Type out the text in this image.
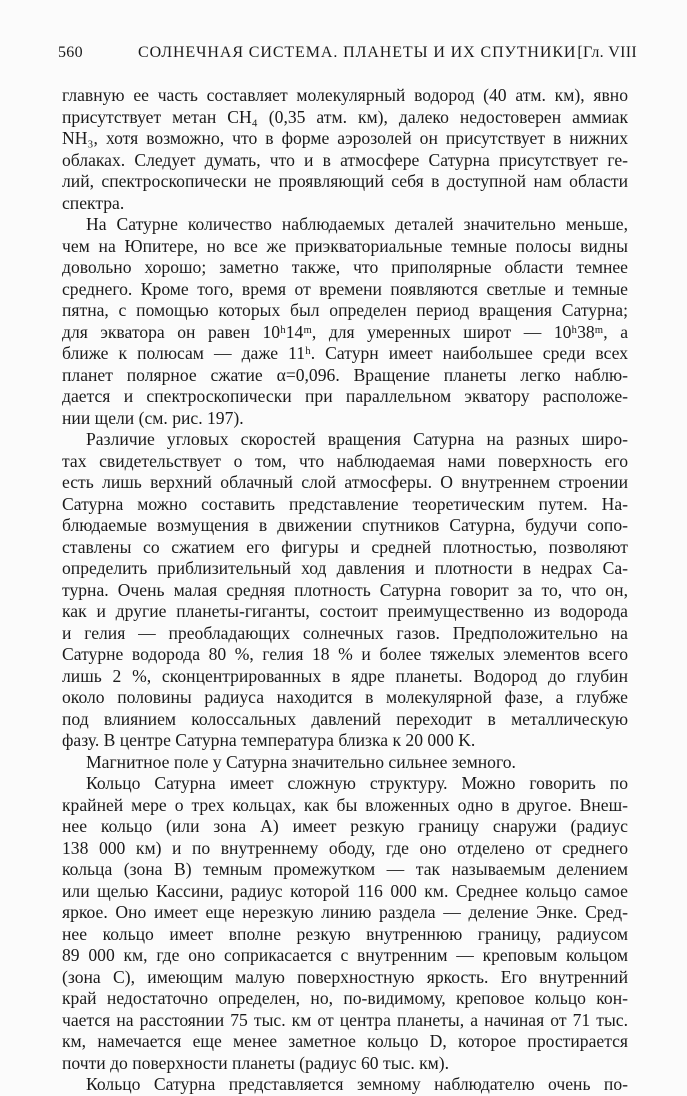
560	СОЛНЕЧНАЯ СИСТЕМА. ПЛАНЕТЫ И ИХ СПУТНИКИ [Гл. VIII

главную ее часть составляет молекулярный водород (40 атм. км), явно
присутствует метан CH₄ (0,35 атм. км), далеко недостоверен аммиак
NH₃, хотя возможно, что в форме аэрозолей он присутствует в нижних
облаках. Следует думать, что и в атмосфере Сатурна присутствует ге-
лий, спектроскопически не проявляющий себя в доступной нам области
спектра.

На Сатурне количество наблюдаемых деталей значительно меньше,
чем на Юпитере, но все же приэкваториальные темные полосы видны
довольно хорошо; заметно также, что приполярные области темнее
среднего. Кроме того, время от времени появляются светлые и темные
пятна, с помощью которых был определен период вращения Сатурна;
для экватора он равен 10ʰ14ᵐ, для умеренных широт — 10ʰ38ᵐ, а
ближе к полюсам — даже 11ʰ. Сатурн имеет наибольшее среди всех
планет полярное сжатие α=0,096. Вращение планеты легко наблю-
дается и спектроскопически при параллельном экватору расположе-
нии щели (см. рис. 197).

Различие угловых скоростей вращения Сатурна на разных широ-
тах свидетельствует о том, что наблюдаемая нами поверхность его
есть лишь верхний облачный слой атмосферы. О внутреннем строении
Сатурна можно составить представление теоретическим путем. На-
блюдаемые возмущения в движении спутников Сатурна, будучи сопо-
ставлены со сжатием его фигуры и средней плотностью, позволяют
определить приблизительный ход давления и плотности в недрах Са-
турна. Очень малая средняя плотность Сатурна говорит за то, что он,
как и другие планеты-гиганты, состоит преимущественно из водорода
и гелия — преобладающих солнечных газов. Предположительно на
Сатурне водорода 80 %, гелия 18 % и более тяжелых элементов всего
лишь 2 %, сконцентрированных в ядре планеты. Водород до глубин
около половины радиуса находится в молекулярной фазе, а глубже
под влиянием колоссальных давлений переходит в металлическую
фазу. В центре Сатурна температура близка к 20 000 K.

Магнитное поле у Сатурна значительно сильнее земного.

Кольцо Сатурна имеет сложную структуру. Можно говорить по
крайней мере о трех кольцах, как бы вложенных одно в другое. Внеш-
нее кольцо (или зона A) имеет резкую границу снаружи (радиус
138 000 км) и по внутреннему ободу, где оно отделено от среднего
кольца (зона B) темным промежутком — так называемым делением
или щелью Кассини, радиус которой 116 000 км. Среднее кольцо самое
яркое. Оно имеет еще нерезкую линию раздела — деление Энке. Сред-
нее кольцо имеет вполне резкую внутреннюю границу, радиусом
89 000 км, где оно соприкасается с внутренним — креповым кольцом
(зона C), имеющим малую поверхностную яркость. Его внутренний
край недостаточно определен, но, по-видимому, креповое кольцо кон-
чается на расстоянии 75 тыс. км от центра планеты, а начиная от 71 тыс.
км, намечается еще менее заметное кольцо D, которое простирается
почти до поверхности планеты (радиус 60 тыс. км).

Кольцо Сатурна представляется земному наблюдателю очень по-
